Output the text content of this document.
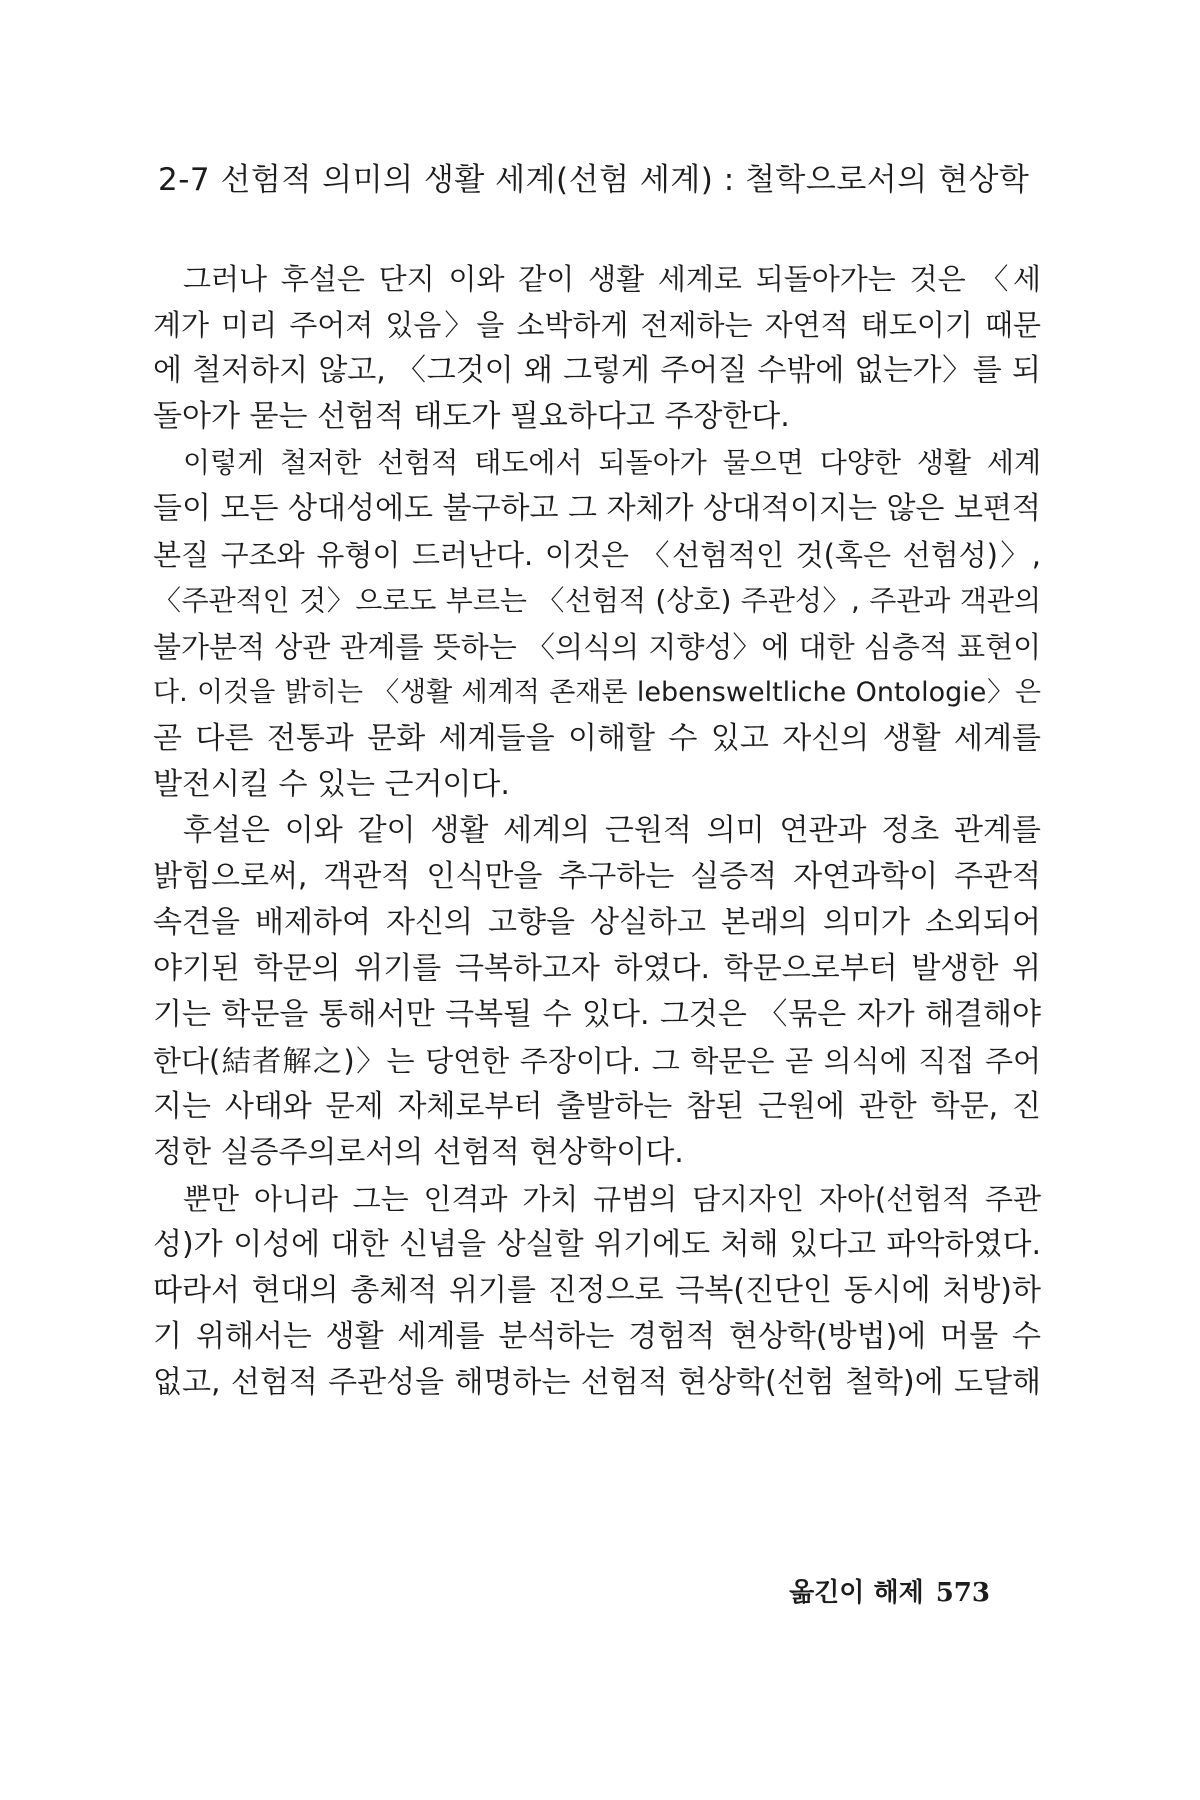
2-7 선험적 의미의 생활 세계(선험 세계) : 철학으로서의 현상학
그러나 후설은 단지 이와 같이 생활 세계로 되돌아가는 것은 〈세
계가 미리 주어져 있음〉을 소박하게 전제하는 자연적 태도이기 때문
에 철저하지 않고, 〈그것이 왜 그렇게 주어질 수밖에 없는가〉를 되
돌아가 묻는 선험적 태도가 필요하다고 주장한다.
이렇게 철저한 선험적 태도에서 되돌아가 물으면 다양한 생활 세계
들이 모든 상대성에도 불구하고 그 자체가 상대적이지는 않은 보편적
본질 구조와 유형이 드러난다. 이것은 〈선험적인 것(혹은 선험성)〉,
〈주관적인 것〉으로도 부르는 〈선험적 (상호) 주관성〉, 주관과 객관의
불가분적 상관 관계를 뜻하는 〈의식의 지향성〉에 대한 심층적 표현이
다. 이것을 밝히는 〈생활 세계적 존재론 lebensweltliche Ontologie〉은
곧 다른 전통과 문화 세계들을 이해할 수 있고 자신의 생활 세계를
발전시킬 수 있는 근거이다.
후설은 이와 같이 생활 세계의 근원적 의미 연관과 정초 관계를
밝힘으로써, 객관적 인식만을 추구하는 실증적 자연과학이 주관적
속견을 배제하여 자신의 고향을 상실하고 본래의 의미가 소외되어
야기된 학문의 위기를 극복하고자 하였다. 학문으로부터 발생한 위
기는 학문을 통해서만 극복될 수 있다. 그것은 〈묶은 자가 해결해야
한다(結者解之)〉는 당연한 주장이다. 그 학문은 곧 의식에 직접 주어
지는 사태와 문제 자체로부터 출발하는 참된 근원에 관한 학문, 진
정한 실증주의로서의 선험적 현상학이다.
뿐만 아니라 그는 인격과 가치 규범의 담지자인 자아(선험적 주관
성)가 이성에 대한 신념을 상실할 위기에도 처해 있다고 파악하였다.
따라서 현대의 총체적 위기를 진정으로 극복(진단인 동시에 처방)하
기 위해서는 생활 세계를 분석하는 경험적 현상학(방법)에 머물 수
없고, 선험적 주관성을 해명하는 선험적 현상학(선험 철학)에 도달해
옮긴이 해제 573
